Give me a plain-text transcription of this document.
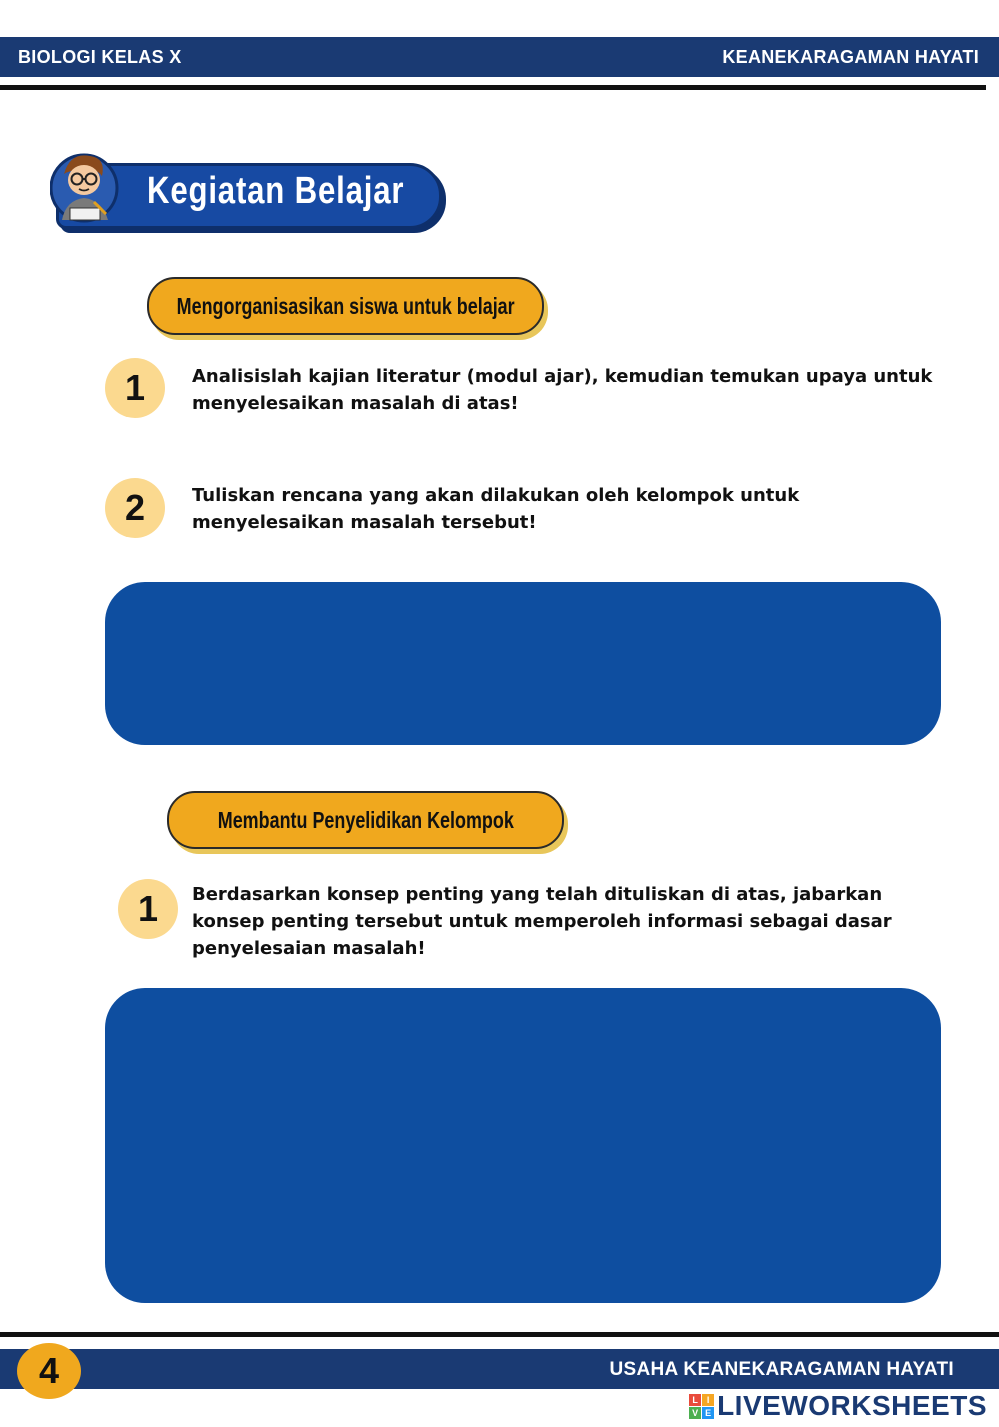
BIOLOGI KELAS X	KEANEKARAGAMAN HAYATI
Kegiatan Belajar
Mengorganisasikan siswa untuk belajar
1	Analisislah kajian literatur (modul ajar), kemudian temukan upaya untuk menyelesaikan masalah di atas!
2	Tuliskan rencana yang akan dilakukan oleh kelompok untuk menyelesaikan masalah tersebut!
Membantu Penyelidikan Kelompok
1	Berdasarkan konsep penting yang telah dituliskan di atas, jabarkan konsep penting tersebut untuk memperoleh informasi sebagai dasar penyelesaian masalah!
4	USAHA KEANEKARAGAMAN HAYATI
L I
V E LIVEWORKSHEETS
